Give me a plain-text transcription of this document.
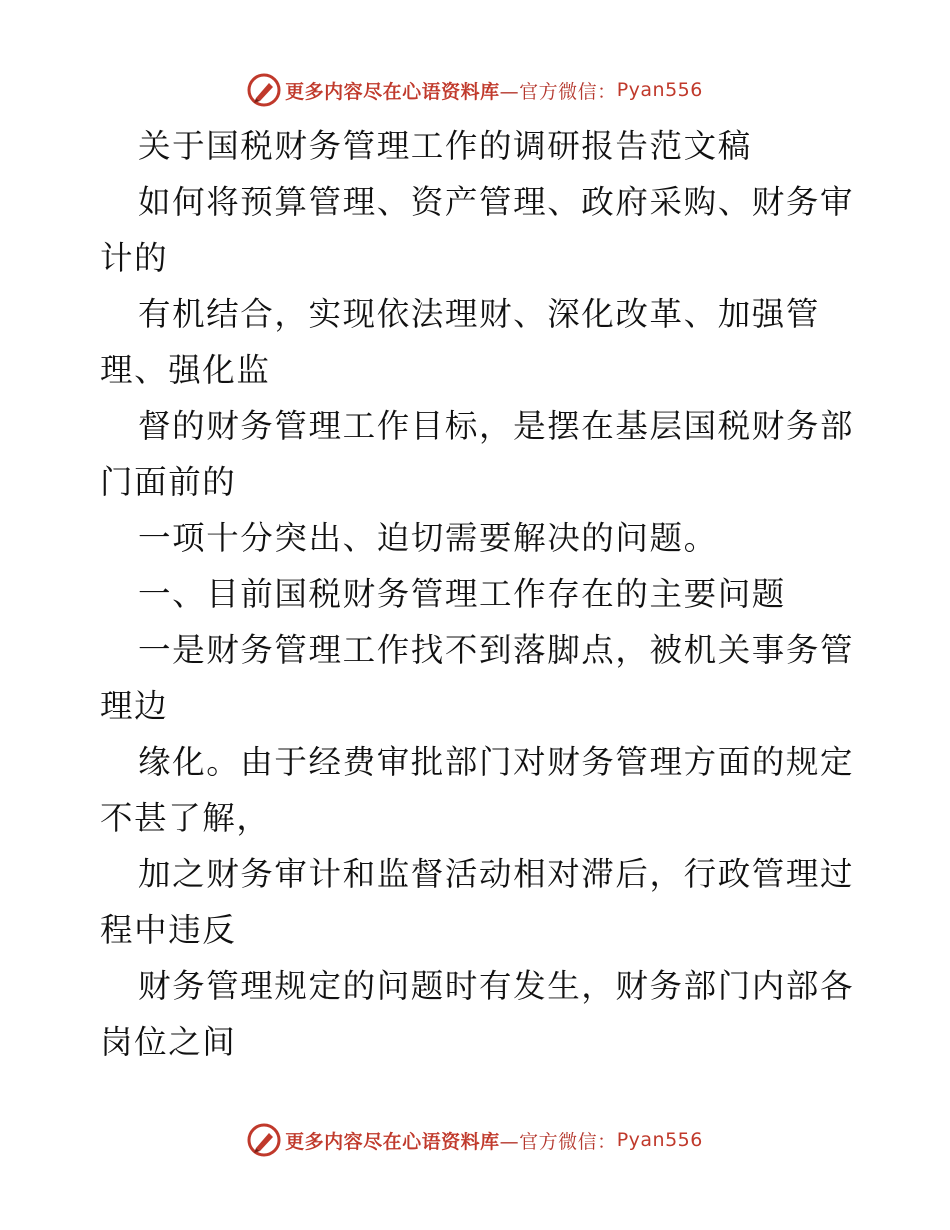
更多内容尽在心语资料库 —官方微信： Pyan556

关于国税财务管理工作的调研报告范文稿

如何将预算管理、资产管理、政府采购、财务审计的

有机结合，实现依法理财、深化改革、加强管理、强化监

督的财务管理工作目标，是摆在基层国税财务部门面前的

一项十分突出、迫切需要解决的问题。

一、目前国税财务管理工作存在的主要问题

一是财务管理工作找不到落脚点，被机关事务管理边

缘化。由于经费审批部门对财务管理方面的规定不甚了解，

加之财务审计和监督活动相对滞后，行政管理过程中违反

财务管理规定的问题时有发生，财务部门内部各岗位之间

更多内容尽在心语资料库 —官方微信： Pyan556
